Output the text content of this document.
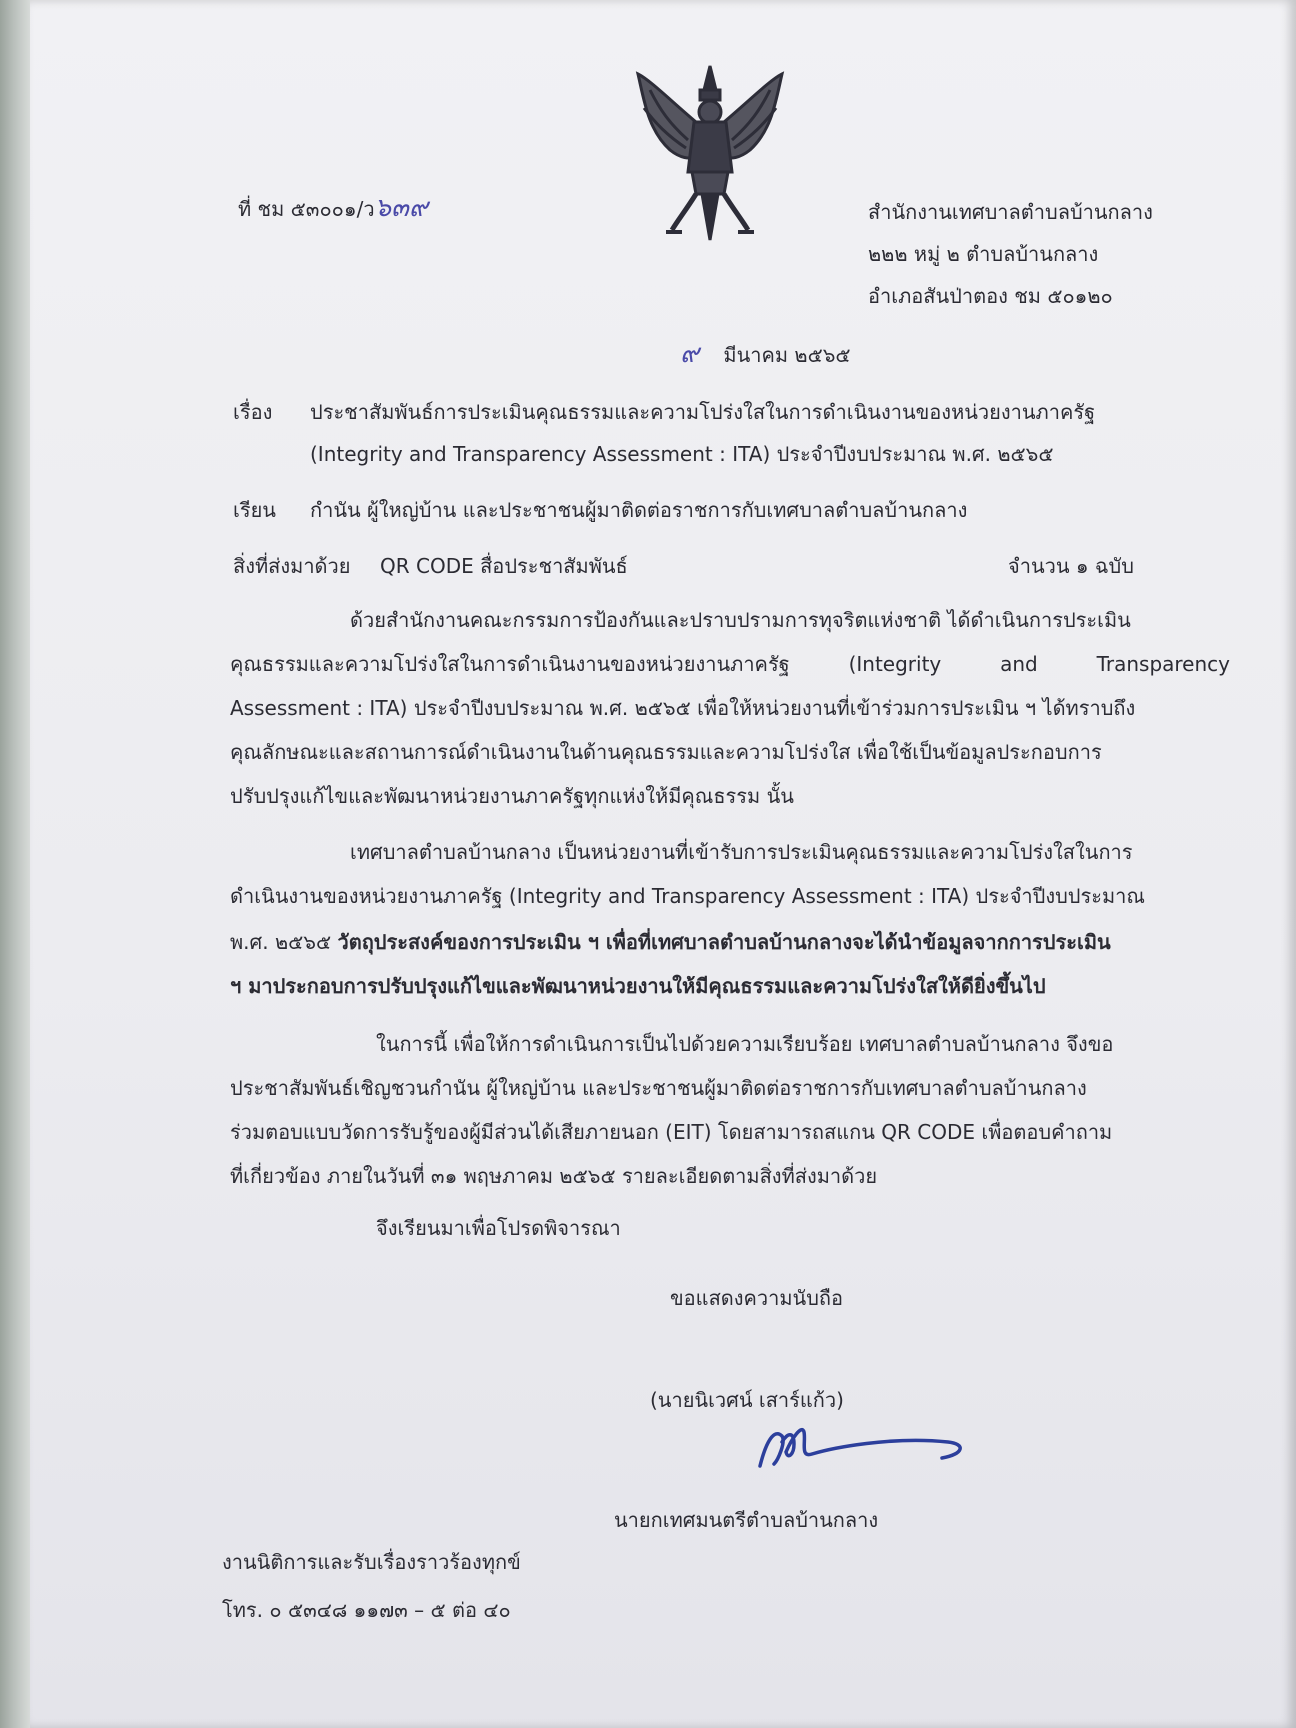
ที่ ชม ๕๓๐๐๑/ว๖๓๙	สำนักงานเทศบาลตำบลบ้านกลาง
๒๒๒ หมู่ ๒ ตำบลบ้านกลาง
อำเภอสันป่าตอง ชม ๕๐๑๒๐
๙ มีนาคม ๒๕๖๕
เรื่อง ประชาสัมพันธ์การประเมินคุณธรรมและความโปร่งใสในการดำเนินงานของหน่วยงานภาครัฐ
(Integrity and Transparency Assessment : ITA) ประจำปีงบประมาณ พ.ศ. ๒๕๖๕
เรียน กำนัน ผู้ใหญ่บ้าน และประชาชนผู้มาติดต่อราชการกับเทศบาลตำบลบ้านกลาง
สิ่งที่ส่งมาด้วย QR CODE สื่อประชาสัมพันธ์	จำนวน ๑ ฉบับ
ด้วยสำนักงานคณะกรรมการป้องกันและปราบปรามการทุจริตแห่งชาติ ได้ดำเนินการประเมิน
คุณธรรมและความโปร่งใสในการดำเนินงานของหน่วยงานภาครัฐ (Integrity and Transparency
Assessment : ITA) ประจำปีงบประมาณ พ.ศ. ๒๕๖๕ เพื่อให้หน่วยงานที่เข้าร่วมการประเมิน ฯ ได้ทราบถึง
คุณลักษณะและสถานการณ์ดำเนินงานในด้านคุณธรรมและความโปร่งใส เพื่อใช้เป็นข้อมูลประกอบการ
ปรับปรุงแก้ไขและพัฒนาหน่วยงานภาครัฐทุกแห่งให้มีคุณธรรม นั้น
เทศบาลตำบลบ้านกลาง เป็นหน่วยงานที่เข้ารับการประเมินคุณธรรมและความโปร่งใสในการ
ดำเนินงานของหน่วยงานภาครัฐ (Integrity and Transparency Assessment : ITA) ประจำปีงบประมาณ
พ.ศ. ๒๕๖๕ วัตถุประสงค์ของการประเมิน ฯ เพื่อที่เทศบาลตำบลบ้านกลางจะได้นำข้อมูลจากการประเมิน
ฯ มาประกอบการปรับปรุงแก้ไขและพัฒนาหน่วยงานให้มีคุณธรรมและความโปร่งใสให้ดียิ่งขึ้นไป
ในการนี้ เพื่อให้การดำเนินการเป็นไปด้วยความเรียบร้อย เทศบาลตำบลบ้านกลาง จึงขอ
ประชาสัมพันธ์เชิญชวนกำนัน ผู้ใหญ่บ้าน และประชาชนผู้มาติดต่อราชการกับเทศบาลตำบลบ้านกลาง
ร่วมตอบแบบวัดการรับรู้ของผู้มีส่วนได้เสียภายนอก (EIT) โดยสามารถสแกน QR CODE เพื่อตอบคำถาม
ที่เกี่ยวข้อง ภายในวันที่ ๓๑ พฤษภาคม ๒๕๖๕ รายละเอียดตามสิ่งที่ส่งมาด้วย
จึงเรียนมาเพื่อโปรดพิจารณา
ขอแสดงความนับถือ
(นายนิเวศน์ เสาร์แก้ว)
นายกเทศมนตรีตำบลบ้านกลาง
งานนิติการและรับเรื่องราวร้องทุกข์
โทร. ๐ ๕๓๔๘ ๑๑๗๓ – ๕ ต่อ ๔๐
